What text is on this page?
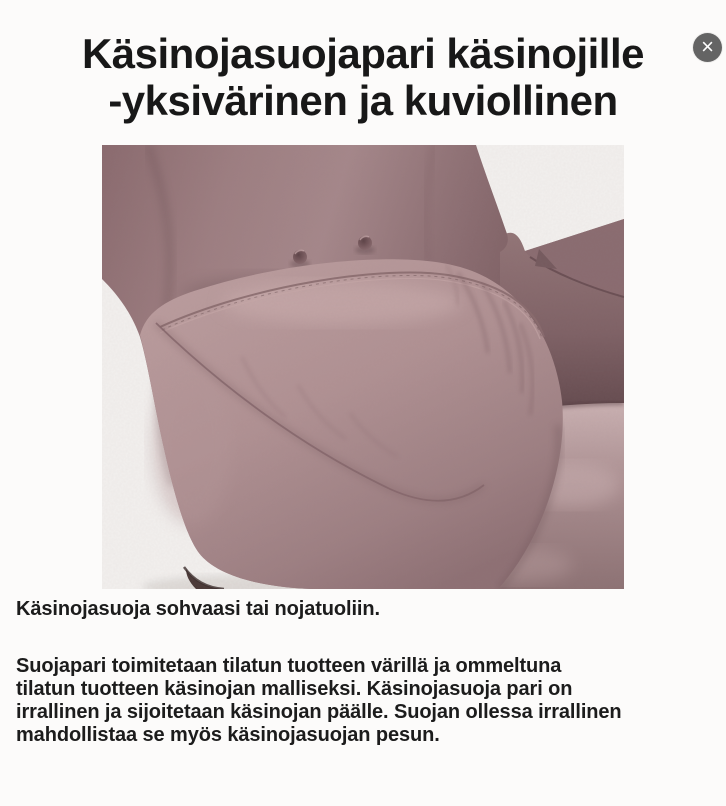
×
Käsinojasuojapari käsinojille
-yksivärinen ja kuviollinen

Käsinojasuoja sohvaasi tai nojatuoliin.

Suojapari toimitetaan tilatun tuotteen värillä ja ommeltuna
tilatun tuotteen käsinojan malliseksi. Käsinojasuoja pari on
irrallinen ja sijoitetaan käsinojan päälle. Suojan ollessa irrallinen
mahdollistaa se myös käsinojasuojan pesun.
